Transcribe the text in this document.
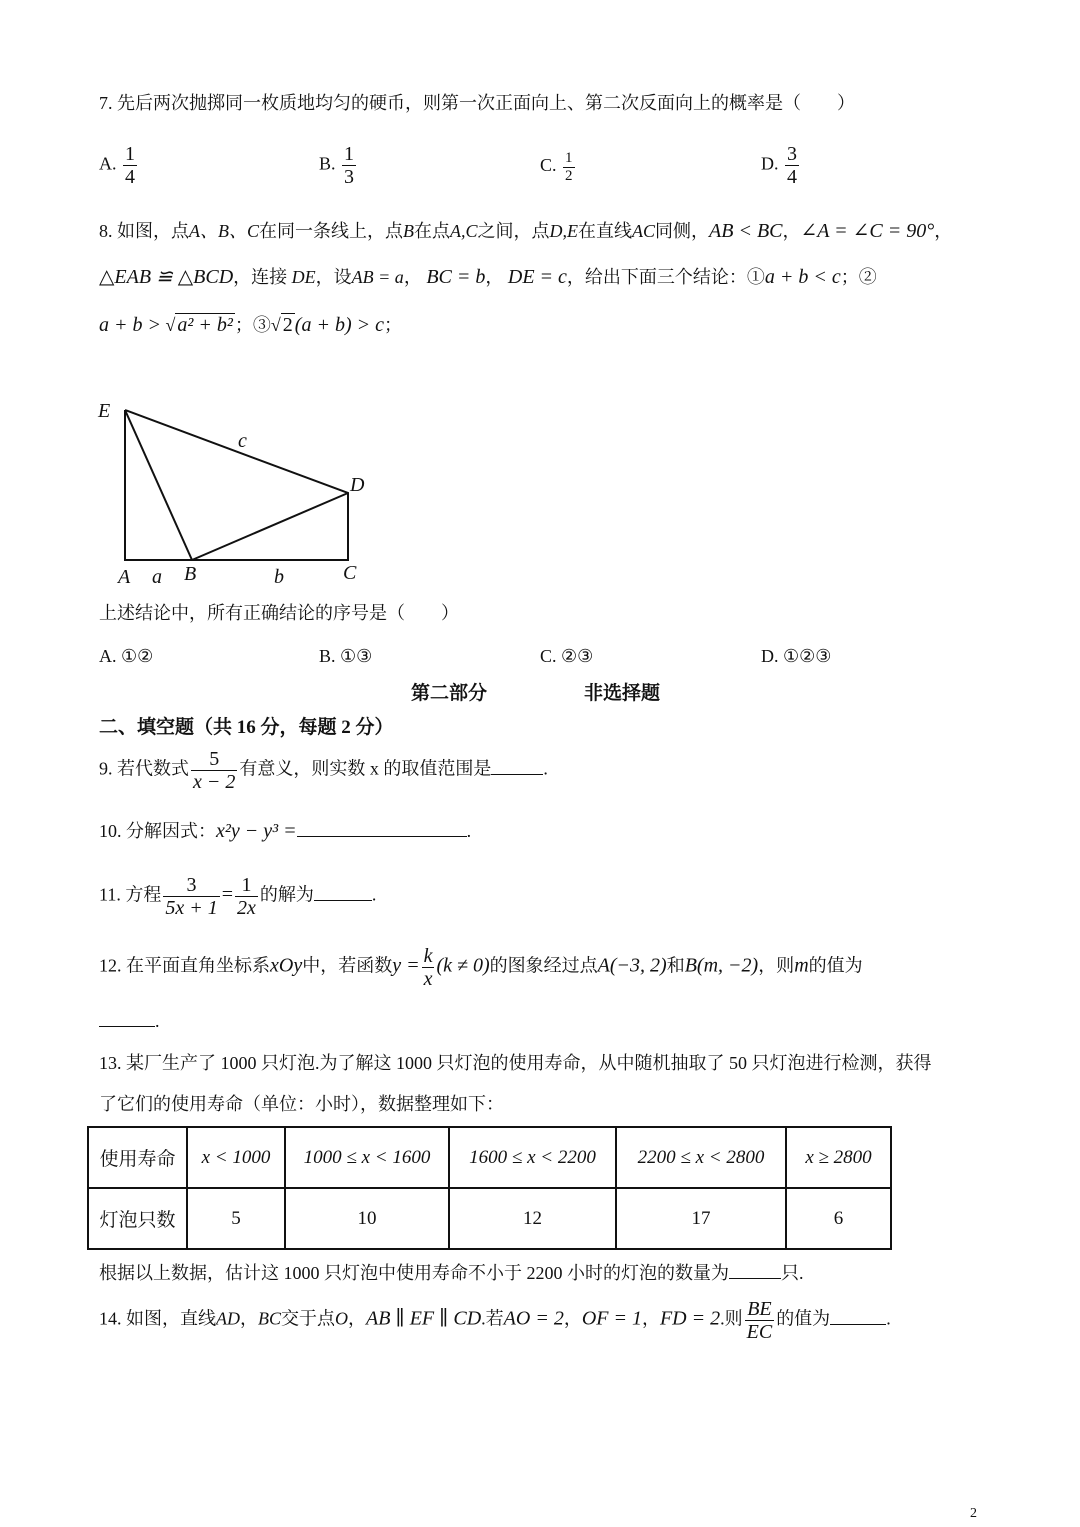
7. 先后两次抛掷同一枚质地均匀的硬币，则第一次正面向上、第二次反面向上的概率是（　　）
A. $\frac{1}{4}$	B. $\frac{1}{3}$	C. $\frac{1}{2}$	D. $\frac{3}{4}$
8. 如图，点A、B、C在同一条线上，点B在点A,C之间，点D,E在直线AC同侧，AB < BC，∠A = ∠C = 90°，
△EAB ≌ △BCD，连接 DE，设AB = a， BC = b， DE = c，给出下面三个结论：①a + b < c；②
a + b > √ a² + b² ；③√ 2 (a + b) > c；
E
D
A	B	C
a	b
c
上述结论中，所有正确结论的序号是（　　）
A. ①②	B. ①③	C. ②③	D. ①②③
第二部分	非选择题
二、填空题（共 16 分，每题 2 分）
9. 若代数式 $\frac{5}{x - 2}$ 有意义，则实数 x 的取值范围是	.
10. 分解因式：x²y − y³ =	.
11. 方程 $\frac{3}{5x + 1} = \frac{1}{2x}$ 的解为	.
12. 在平面直角坐标系xOy中，若函数$y = \frac{k}{x} (k \ne 0)$的图象经过点A(−3, 2)和B(m, −2)，则m的值为
.
13. 某厂生产了 1000 只灯泡.为了解这 1000 只灯泡的使用寿命，从中随机抽取了 50 只灯泡进行检测，获得
了它们的使用寿命（单位：小时），数据整理如下：
使用寿命	x < 1000	1000 ≤ x < 1600	1600 ≤ x < 2200	2200 ≤ x < 2800	x ≥ 2800
灯泡只数	5	10	12	17	6
根据以上数据，估计这 1000 只灯泡中使用寿命不小于 2200 小时的灯泡的数量为	只.
14. 如图，直线AD，BC交于点O，AB ∥ EF ∥ CD.若AO = 2，OF = 1，FD = 2.则 $\frac{BE}{EC}$ 的值为	.
2
